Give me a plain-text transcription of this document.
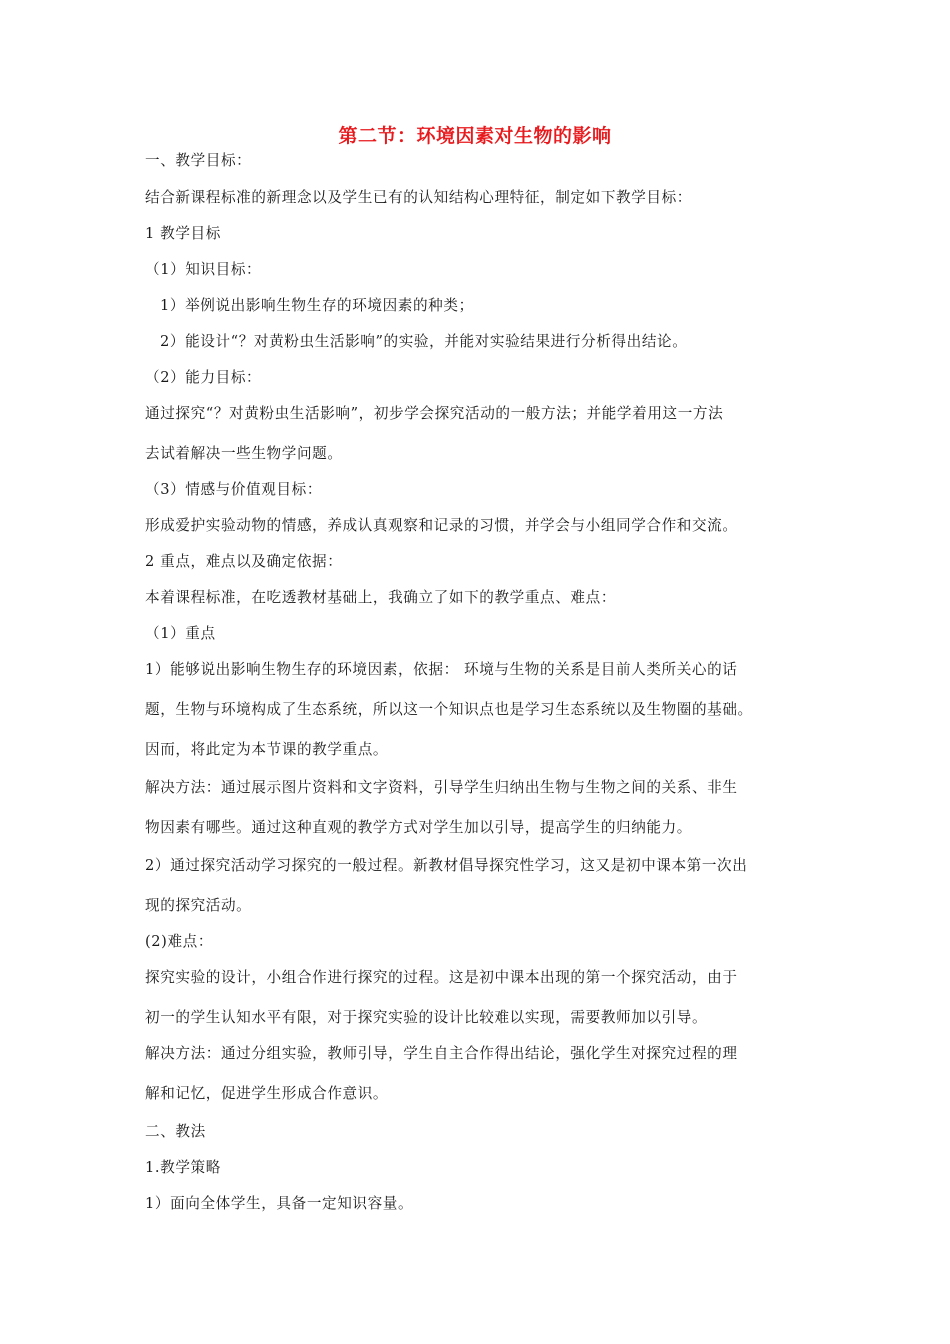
第二节：环境因素对生物的影响
一、教学目标：
结合新课程标准的新理念以及学生已有的认知结构心理特征，制定如下教学目标：
1 教学目标
（1）知识目标：
1）举例说出影响生物生存的环境因素的种类；
2）能设计“？对黄粉虫生活影响”的实验，并能对实验结果进行分析得出结论。
（2）能力目标：
通过探究“？对黄粉虫生活影响”，初步学会探究活动的一般方法；并能学着用这一方法
去试着解决一些生物学问题。
（3）情感与价值观目标：
形成爱护实验动物的情感，养成认真观察和记录的习惯，并学会与小组同学合作和交流。
2 重点，难点以及确定依据：
本着课程标准，在吃透教材基础上，我确立了如下的教学重点、难点：
（1）重点
1）能够说出影响生物生存的环境因素，依据： 环境与生物的关系是目前人类所关心的话
题，生物与环境构成了生态系统，所以这一个知识点也是学习生态系统以及生物圈的基础。
因而，将此定为本节课的教学重点。
解决方法：通过展示图片资料和文字资料，引导学生归纳出生物与生物之间的关系、非生
物因素有哪些。通过这种直观的教学方式对学生加以引导，提高学生的归纳能力。
2）通过探究活动学习探究的一般过程。新教材倡导探究性学习，这又是初中课本第一次出
现的探究活动。
(2)难点：
探究实验的设计，小组合作进行探究的过程。这是初中课本出现的第一个探究活动，由于
初一的学生认知水平有限，对于探究实验的设计比较难以实现，需要教师加以引导。
解决方法：通过分组实验，教师引导，学生自主合作得出结论，强化学生对探究过程的理
解和记忆，促进学生形成合作意识。
二、教法
1.教学策略
1）面向全体学生，具备一定知识容量。
